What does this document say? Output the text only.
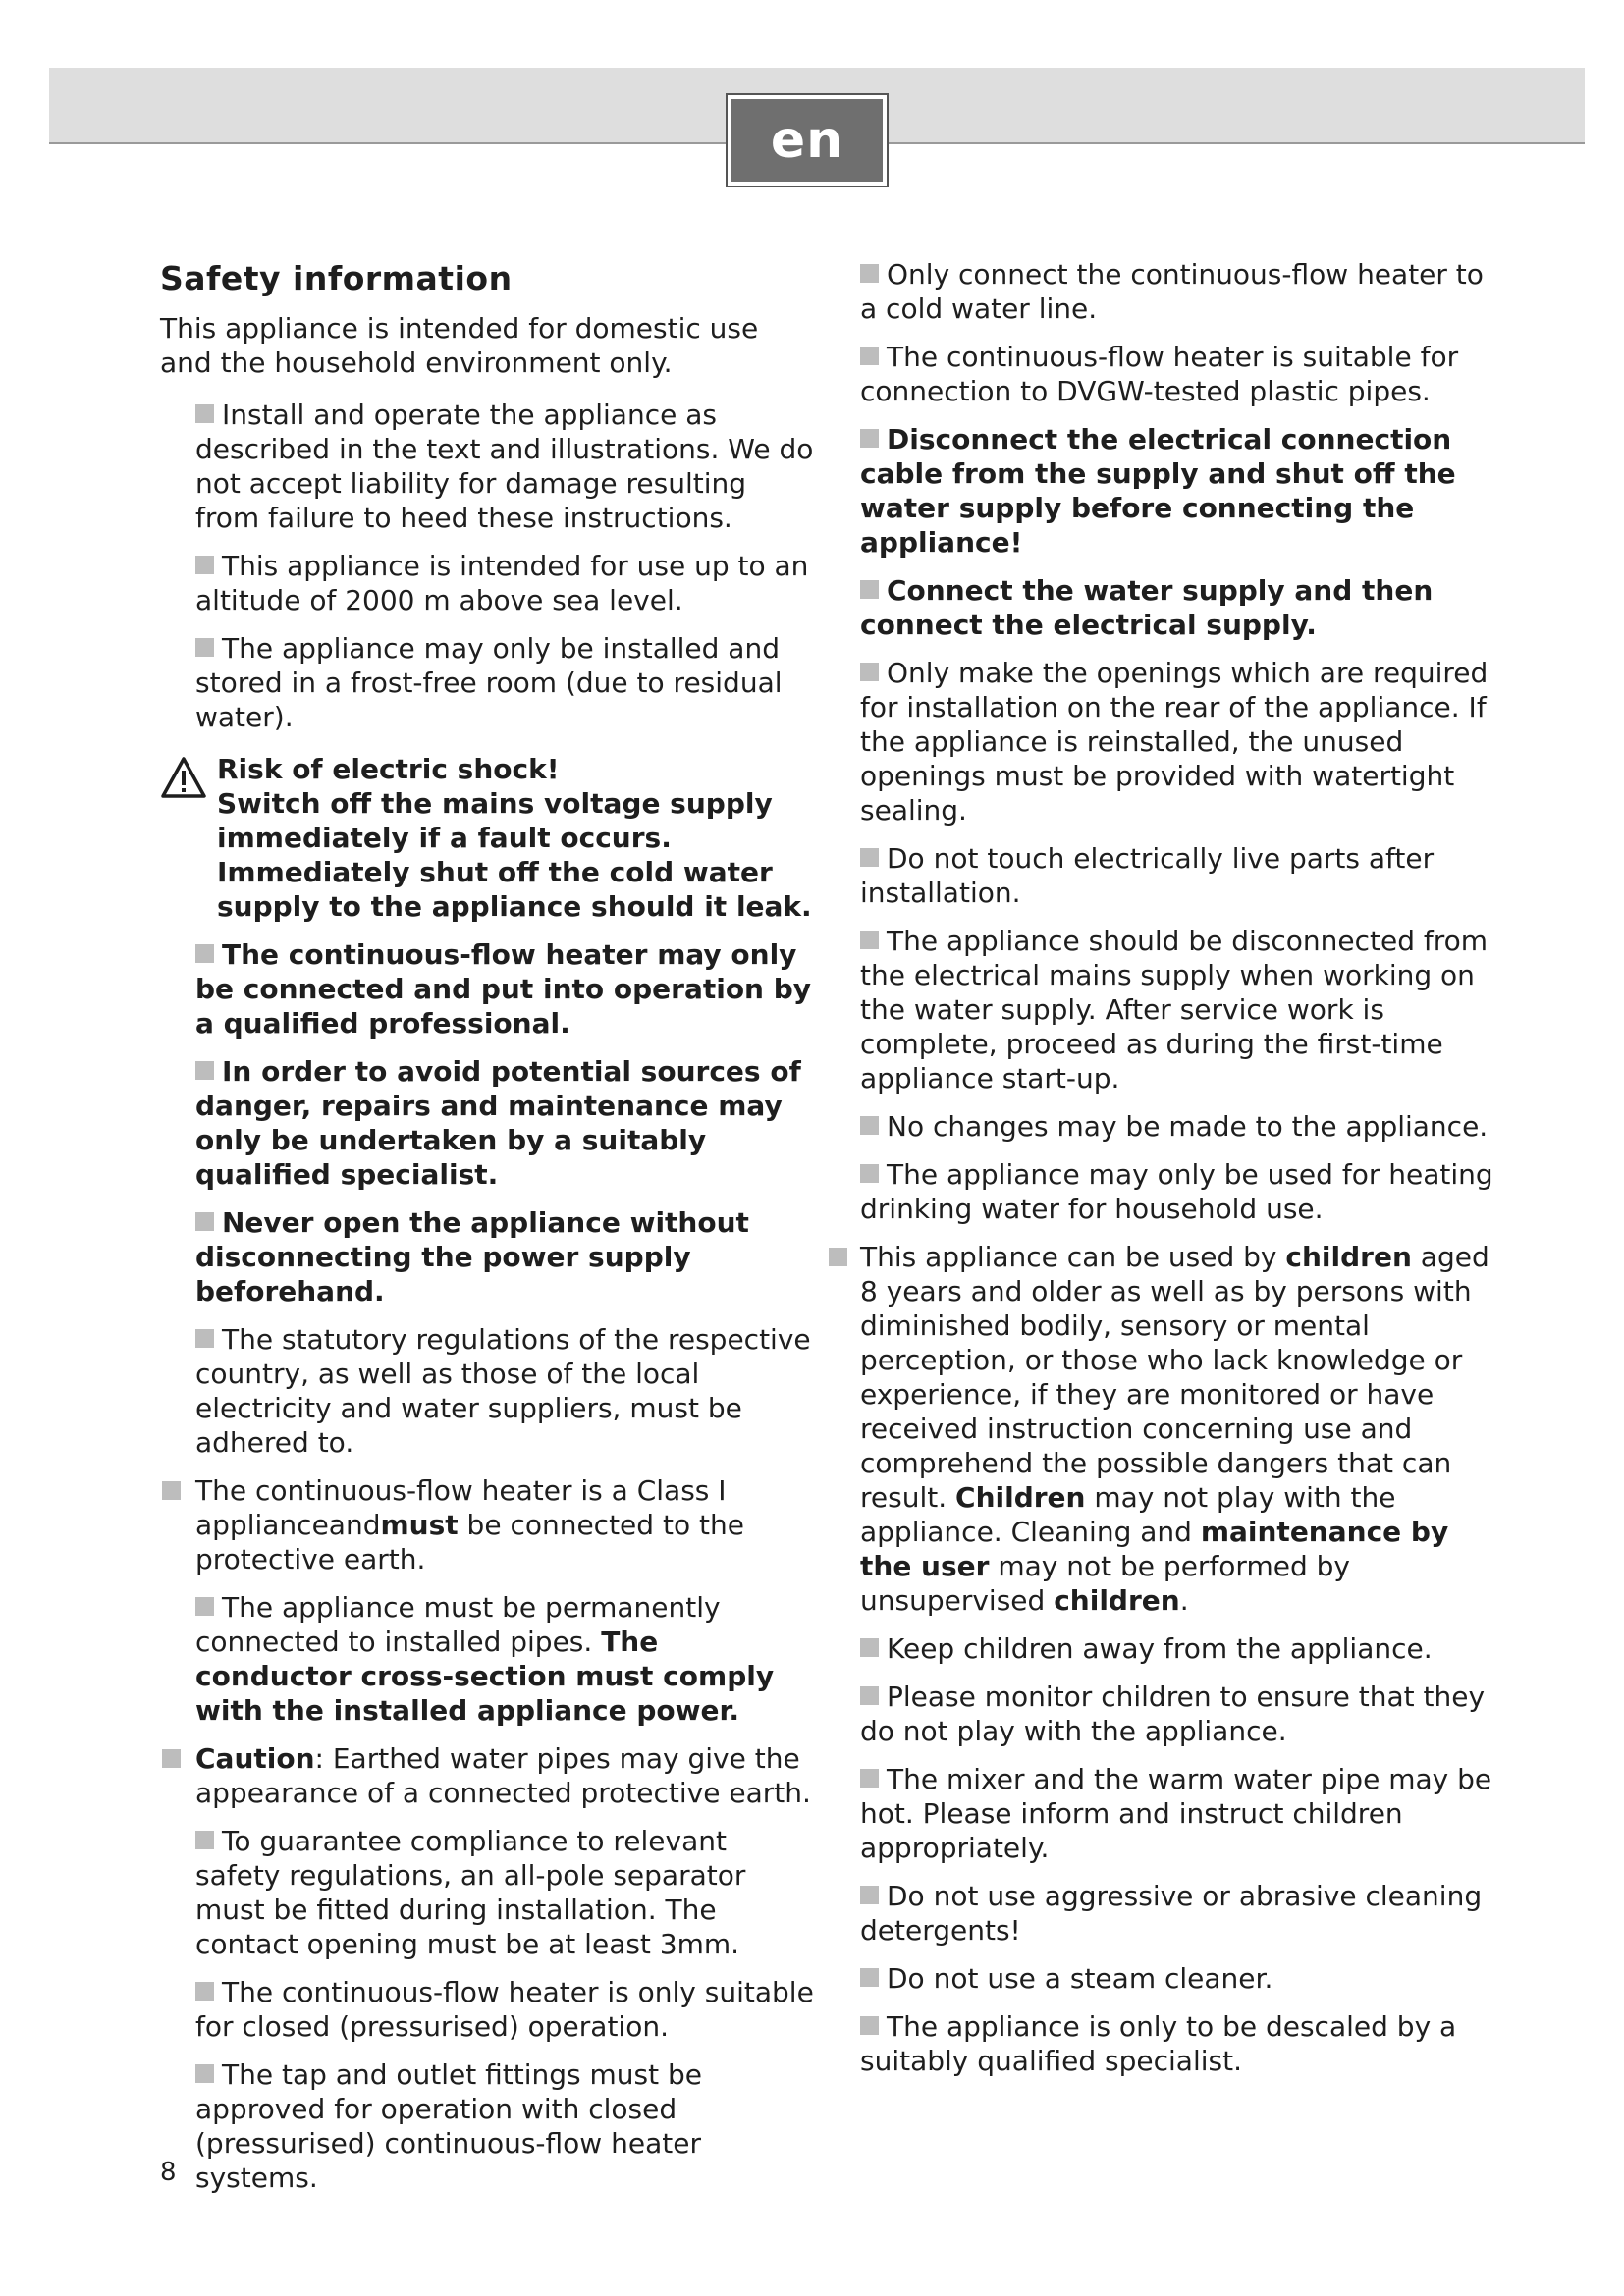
en
Safety information

This appliance is intended for domestic use and the household environment only.

Install and operate the appliance as described in the text and illustrations. We do not accept liability for damage resulting from failure to heed these instructions.

This appliance is intended for use up to an altitude of 2000 m above sea level.

The appliance may only be installed and stored in a frost-free room (due to residual water).

Risk of electric shock!
Switch off the mains voltage supply immediately if a fault occurs.
Immediately shut off the cold water supply to the appliance should it leak.

The continuous-flow heater may only be connected and put into operation by a qualified professional.

In order to avoid potential sources of danger, repairs and maintenance may only be undertaken by a suitably qualified specialist.

Never open the appliance without disconnecting the power supply beforehand.

The statutory regulations of the respective country, as well as those of the local electricity and water suppliers, must be adhered to.

The continuous-flow heater is a Class I applianceandmust be connected to the protective earth.

The appliance must be permanently connected to installed pipes. The conductor cross-section must comply with the installed appliance power.

Caution: Earthed water pipes may give the appearance of a connected protective earth.

To guarantee compliance to relevant safety regulations, an all-pole separator must be fitted during installation. The contact opening must be at least 3mm.

The continuous-flow heater is only suitable for closed (pressurised) operation.

The tap and outlet fittings must be approved for operation with closed (pressurised) continuous-flow heater systems.

Only connect the continuous-flow heater to a cold water line.

The continuous-flow heater is suitable for connection to DVGW-tested plastic pipes.

Disconnect the electrical connection cable from the supply and shut off the water supply before connecting the appliance!

Connect the water supply and then connect the electrical supply.

Only make the openings which are required for installation on the rear of the appliance. If the appliance is reinstalled, the unused openings must be provided with watertight sealing.

Do not touch electrically live parts after installation.

The appliance should be disconnected from the electrical mains supply when working on the water supply. After service work is complete, proceed as during the first-time appliance start-up.

No changes may be made to the appliance.

The appliance may only be used for heating drinking water for household use.

This appliance can be used by children aged 8 years and older as well as by persons with diminished bodily, sensory or mental perception, or those who lack knowledge or experience, if they are monitored or have received instruction concerning use and comprehend the possible dangers that can result. Children may not play with the appliance. Cleaning and maintenance by the user may not be performed by unsupervised children.

Keep children away from the appliance.

Please monitor children to ensure that they do not play with the appliance.

The mixer and the warm water pipe may be hot. Please inform and instruct children appropriately.

Do not use aggressive or abrasive cleaning detergents!

Do not use a steam cleaner.

The appliance is only to be descaled by a suitably qualified specialist.

8
